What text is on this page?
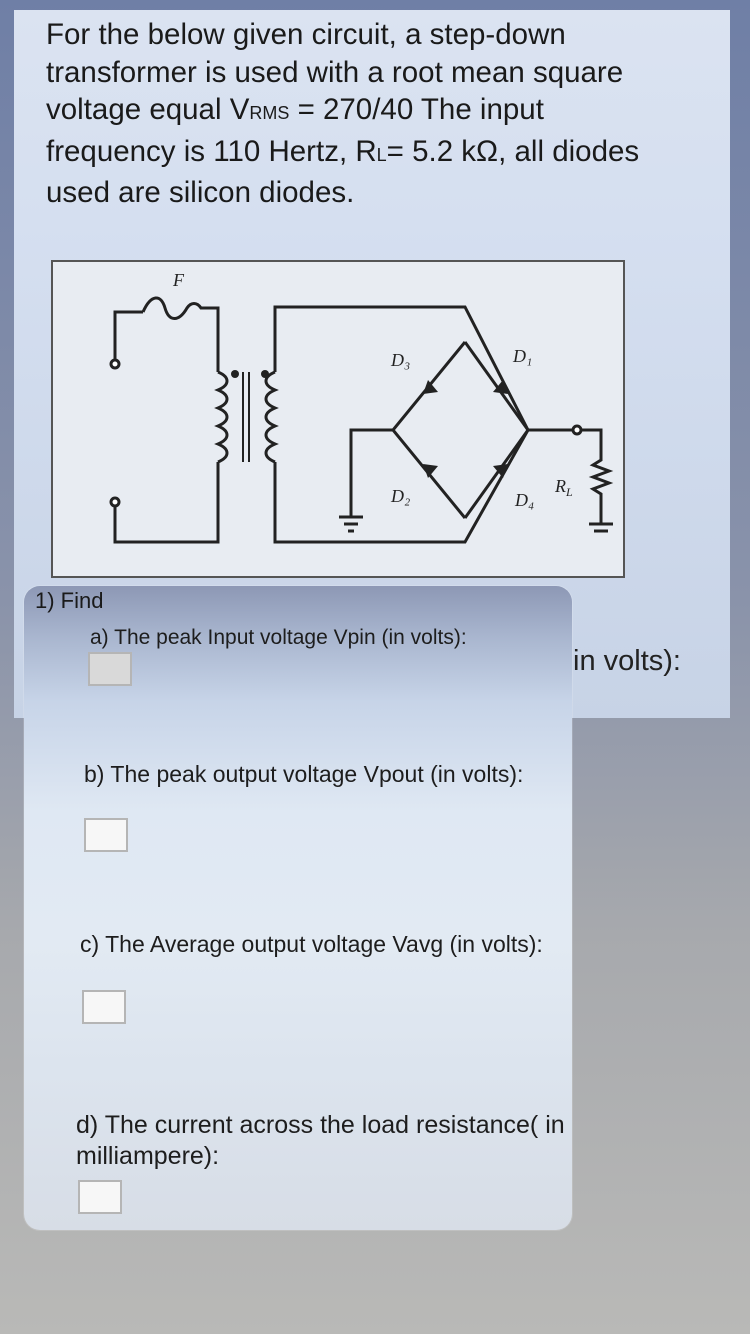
For the below given circuit, a step-down
transformer is used with a root mean square
voltage equal VRMS = 270/40 The input
frequency is 110 Hertz, RL= 5.2 kΩ, all diodes
used are silicon diodes.
F
D₁
D₃
D₂	D₄
$R_L$
in volts):
1) Find
a) The peak Input voltage Vpin (in volts):
b) The peak output voltage Vpout (in volts):
c) The Average output voltage Vavg (in volts):
d) The current across the load resistance( in milliampere):
